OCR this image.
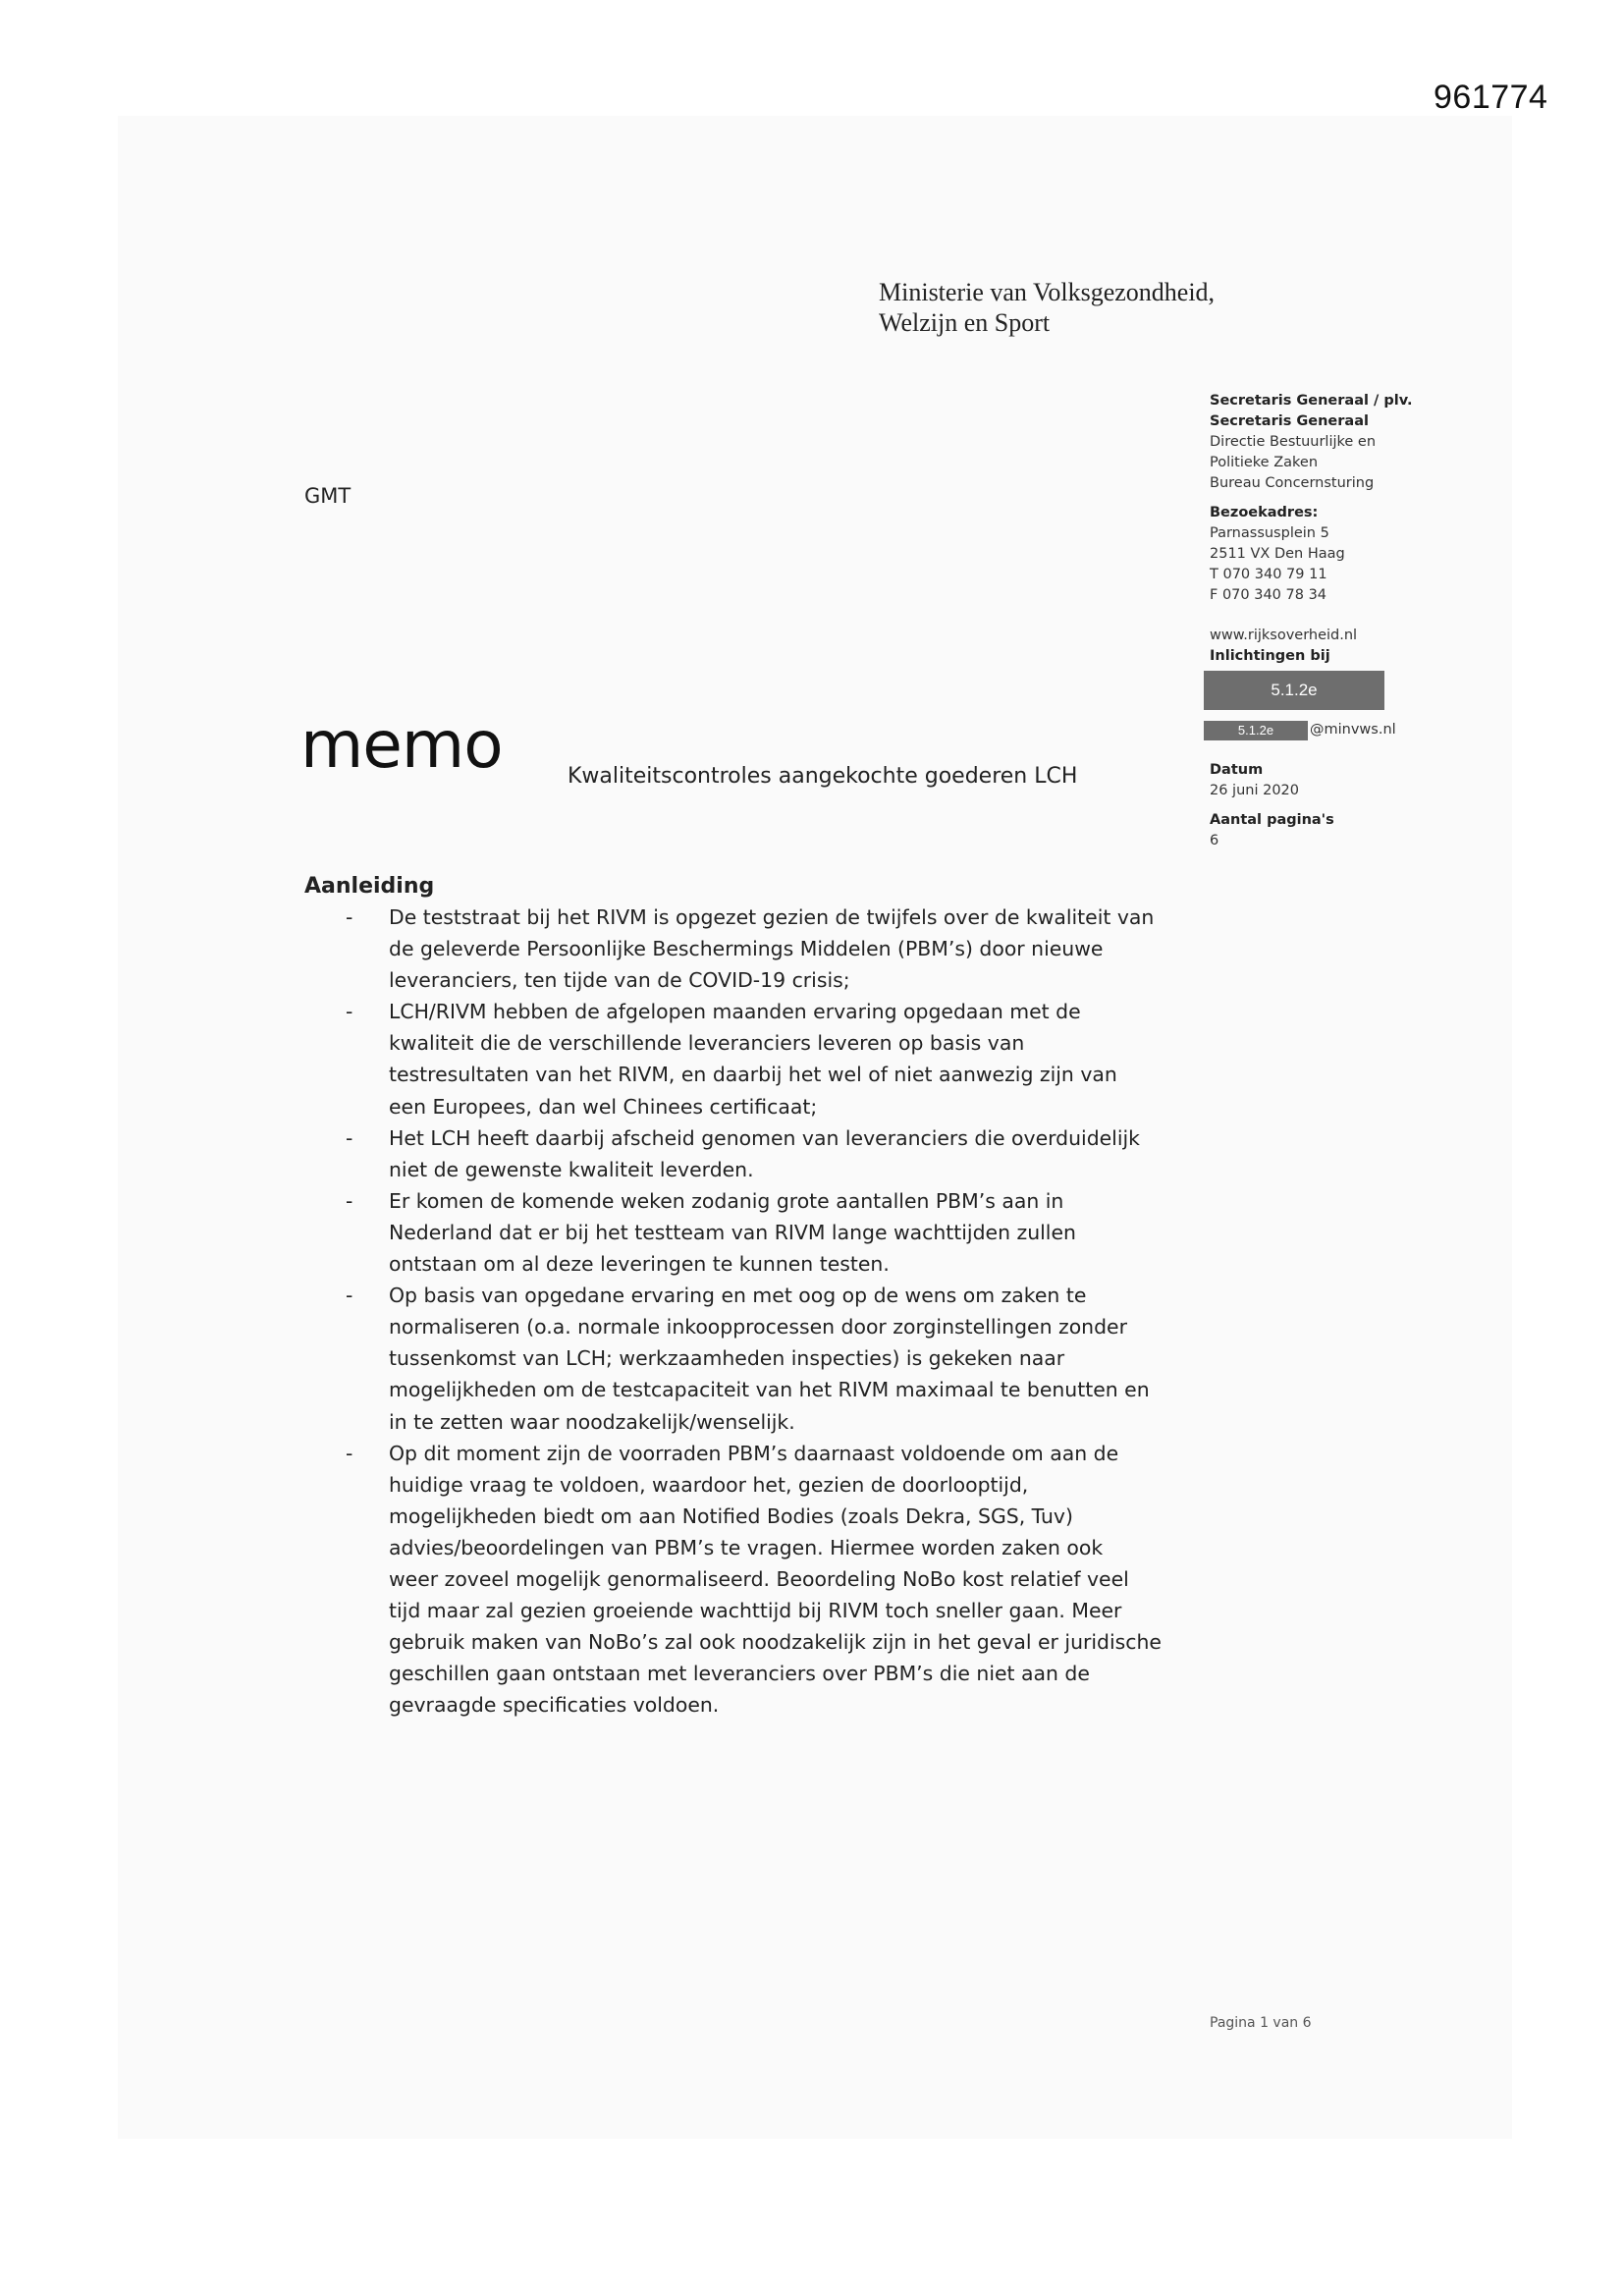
961774
Ministerie van Volksgezondheid,
Welzijn en Sport
Secretaris Generaal / plv.
Secretaris Generaal
Directie Bestuurlijke en
Politieke Zaken
Bureau Concernsturing
Bezoekadres:
Parnassusplein 5
2511 VX Den Haag
T 070 340 79 11
F 070 340 78 34
www.rijksoverheid.nl
Inlichtingen bij
5.1.2e
5.1.2e	@minvws.nl
Datum
26 juni 2020
Aantal pagina's
6
GMT
memo	Kwaliteitscontroles aangekochte goederen LCH
Aanleiding
- De teststraat bij het RIVM is opgezet gezien de twijfels over de kwaliteit van
de geleverde Persoonlijke Beschermings Middelen (PBM’s) door nieuwe
leveranciers, ten tijde van de COVID-19 crisis;
- LCH/RIVM hebben de afgelopen maanden ervaring opgedaan met de
kwaliteit die de verschillende leveranciers leveren op basis van
testresultaten van het RIVM, en daarbij het wel of niet aanwezig zijn van
een Europees, dan wel Chinees certificaat;
- Het LCH heeft daarbij afscheid genomen van leveranciers die overduidelijk
niet de gewenste kwaliteit leverden.
- Er komen de komende weken zodanig grote aantallen PBM’s aan in
Nederland dat er bij het testteam van RIVM lange wachttijden zullen
ontstaan om al deze leveringen te kunnen testen.
- Op basis van opgedane ervaring en met oog op de wens om zaken te
normaliseren (o.a. normale inkoopprocessen door zorginstellingen zonder
tussenkomst van LCH; werkzaamheden inspecties) is gekeken naar
mogelijkheden om de testcapaciteit van het RIVM maximaal te benutten en
in te zetten waar noodzakelijk/wenselijk.
- Op dit moment zijn de voorraden PBM’s daarnaast voldoende om aan de
huidige vraag te voldoen, waardoor het, gezien de doorlooptijd,
mogelijkheden biedt om aan Notified Bodies (zoals Dekra, SGS, Tuv)
advies/beoordelingen van PBM’s te vragen. Hiermee worden zaken ook
weer zoveel mogelijk genormaliseerd. Beoordeling NoBo kost relatief veel
tijd maar zal gezien groeiende wachttijd bij RIVM toch sneller gaan. Meer
gebruik maken van NoBo’s zal ook noodzakelijk zijn in het geval er juridische
geschillen gaan ontstaan met leveranciers over PBM’s die niet aan de
gevraagde specificaties voldoen.
Pagina 1 van 6
